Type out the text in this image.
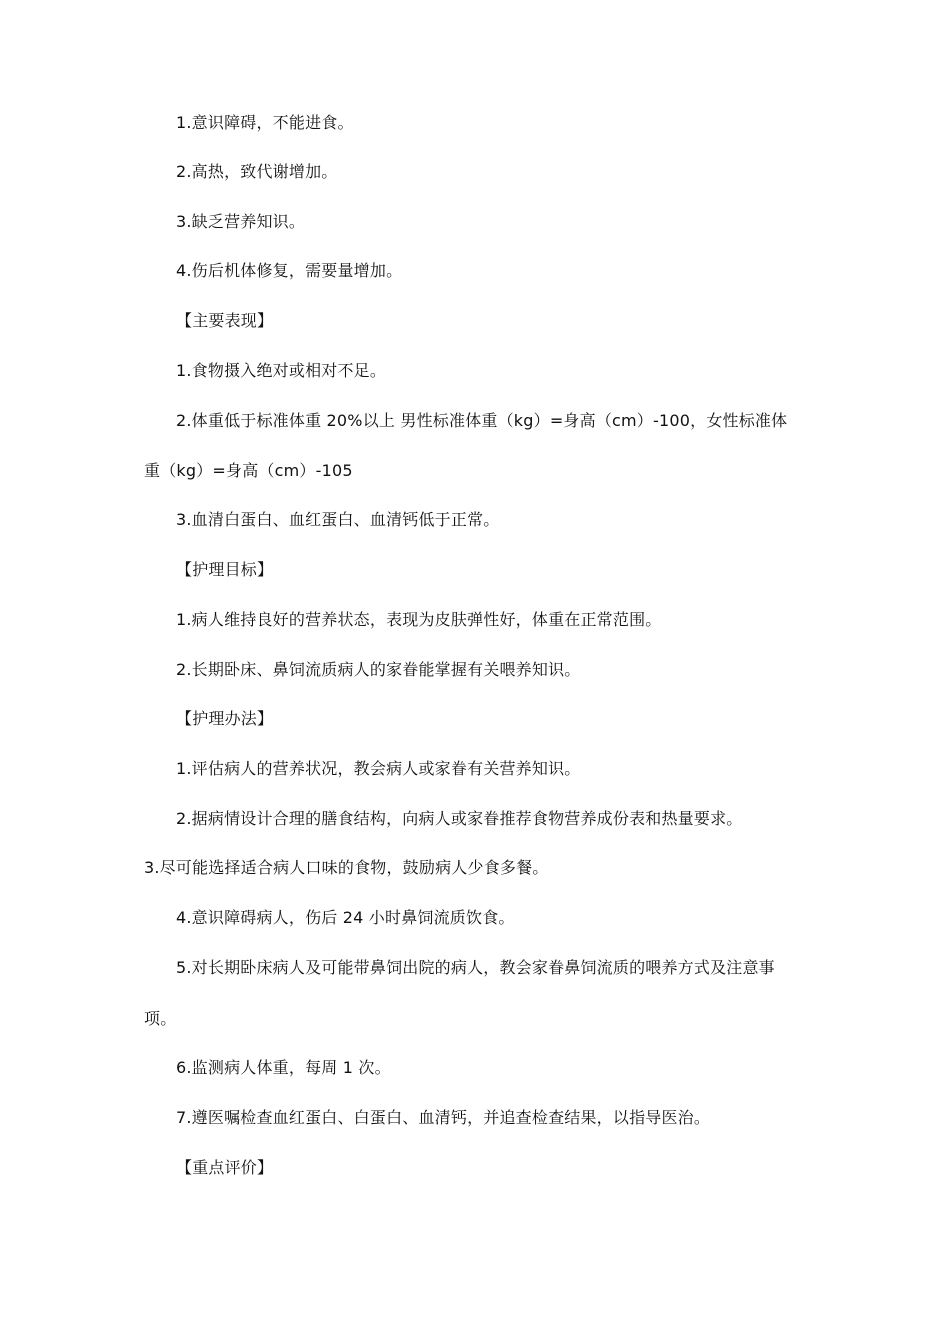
1.意识障碍，不能进食。
2.高热，致代谢增加。
3.缺乏营养知识。
4.伤后机体修复，需要量增加。
【主要表现】
1.食物摄入绝对或相对不足。
2.体重低于标准体重 20%以上 男性标准体重（kg）=身高（cm）-100，女性标准体
重（kg）=身高（cm）-105
3.血清白蛋白、血红蛋白、血清钙低于正常。
【护理目标】
1.病人维持良好的营养状态，表现为皮肤弹性好，体重在正常范围。
2.长期卧床、鼻饲流质病人的家眷能掌握有关喂养知识。
【护理办法】
1.评估病人的营养状况，教会病人或家眷有关营养知识。
2.据病情设计合理的膳食结构，向病人或家眷推荐食物营养成份表和热量要求。
3.尽可能选择适合病人口味的食物，鼓励病人少食多餐。
4.意识障碍病人，伤后 24 小时鼻饲流质饮食。
5.对长期卧床病人及可能带鼻饲出院的病人，教会家眷鼻饲流质的喂养方式及注意事
项。
6.监测病人体重，每周 1 次。
7.遵医嘱检查血红蛋白、白蛋白、血清钙，并追查检查结果，以指导医治。
【重点评价】
